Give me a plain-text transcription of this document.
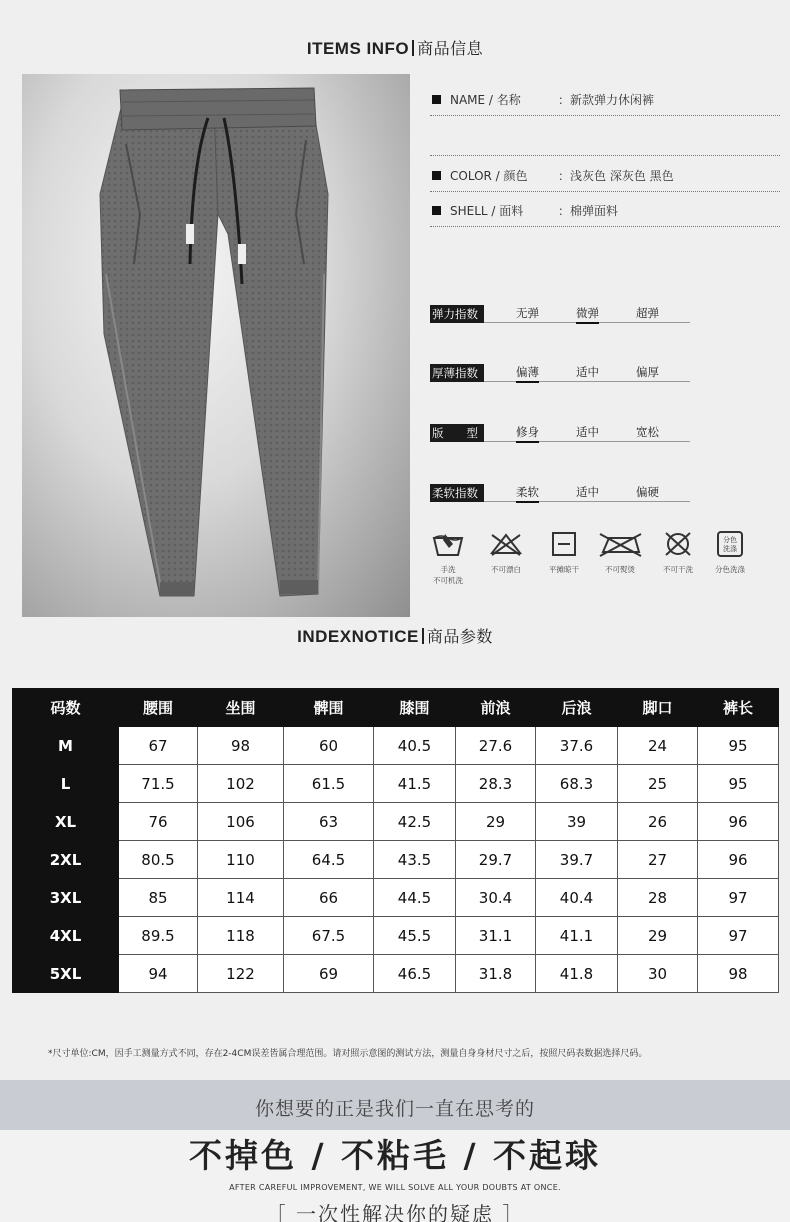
ITEMS INFO 商品信息
NAME / 名称	：新款弹力休闲裤
COLOR / 颜色	：浅灰色 深灰色 黑色
SHELL / 面料	：棉弹面料
弹力指数	无弹	微弹	超弹
厚薄指数	偏薄	适中	偏厚
版　　型	修身	适中	宽松
柔软指数	柔软	适中	偏硬
手洗
不可机洗
不可漂白	平摊晾干	不可熨烫	不可干洗
分色
洗涤
分色洗涤
INDEXNOTICE 商品参数
码数	腰围	坐围	髀围	膝围	前浪	后浪	脚口	裤长
M	67	98	60	40.5	27.6	37.6	24	95
L	71.5	102	61.5	41.5	28.3	68.3	25	95
XL	76	106	63	42.5	29	39	26	96
2XL	80.5	110	64.5	43.5	29.7	39.7	27	96
3XL	85	114	66	44.5	30.4	40.4	28	97
4XL	89.5	118	67.5	45.5	31.1	41.1	29	97
5XL	94	122	69	46.5	31.8	41.8	30	98
*尺寸单位:CM，因手工测量方式不同，存在2-4CM误差皆属合理范围。请对照示意图的测试方法，测量自身身材尺寸之后，按照尺码表数据选择尺码。
你想要的正是我们一直在思考的
不掉色 / 不粘毛 / 不起球
AFTER CAREFUL IMPROVEMENT, WE WILL SOLVE ALL YOUR DOUBTS AT ONCE.
［ 一次性解决你的疑虑 ］
